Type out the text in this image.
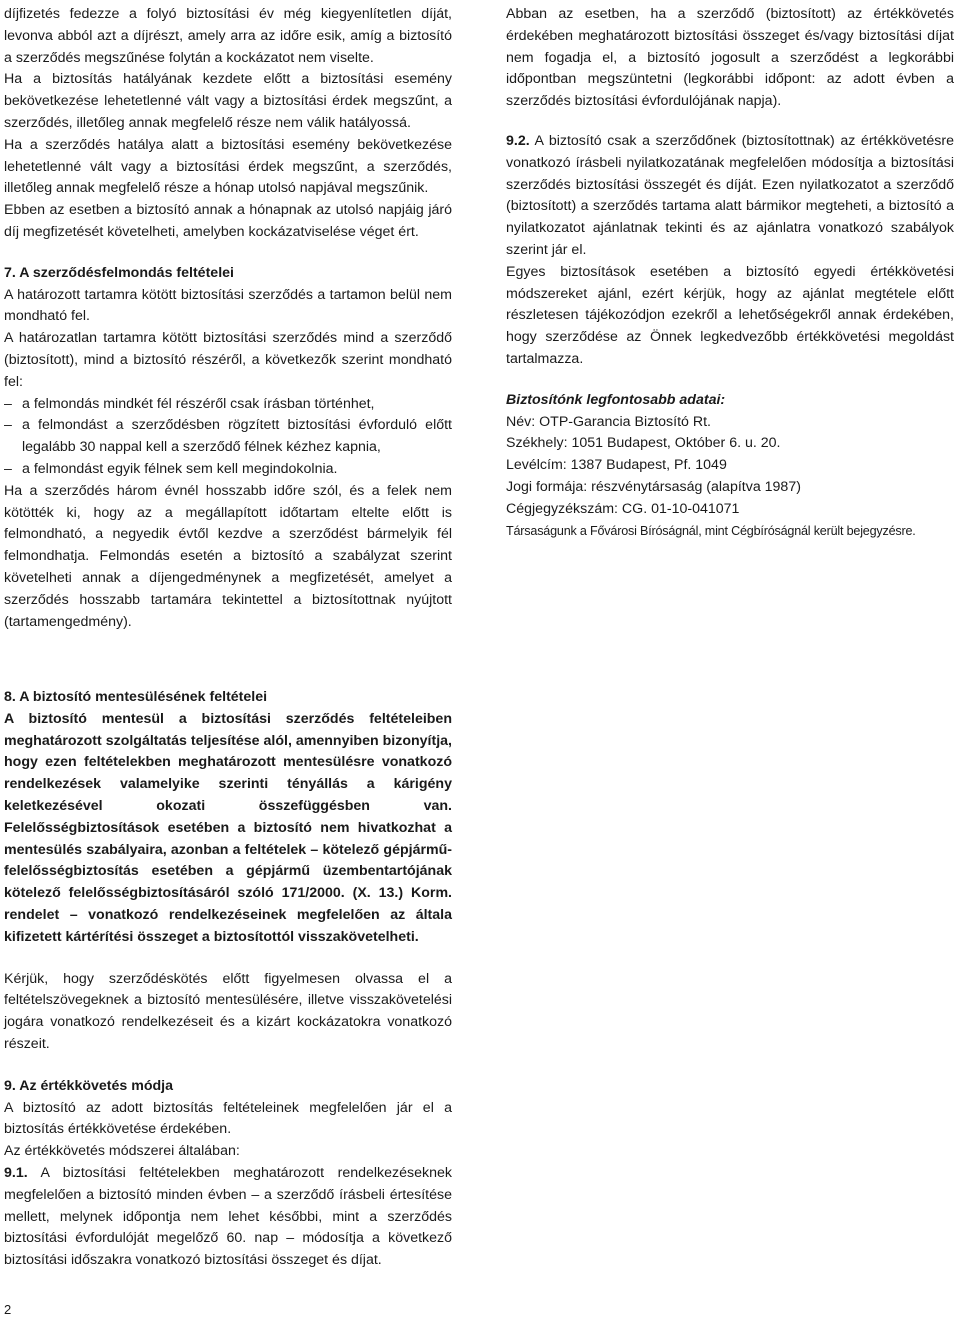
díjfizetés fedezze a folyó biztosítási év még kiegyenlítetlen díját, levonva abból azt a díjrészt, amely arra az időre esik, amíg a biztosító a szerződés megszűnése folytán a kockázatot nem viselte.

Ha a biztosítás hatályának kezdete előtt a biztosítási esemény bekövetkezése lehetetlenné vált vagy a biztosítási érdek megszűnt, a szerződés, illetőleg annak megfelelő része nem válik hatályossá.

Ha a szerződés hatálya alatt a biztosítási esemény bekövetkezése lehetetlenné vált vagy a biztosítási érdek megszűnt, a szerződés, illetőleg annak megfelelő része a hónap utolsó napjával megszűnik.

Ebben az esetben a biztosító annak a hónapnak az utolsó napjáig járó díj megfizetését követelheti, amelyben kockázatviselése véget ért.

7. A szerződésfelmondás feltételei

A határozott tartamra kötött biztosítási szerződés a tartamon belül nem mondható fel.

A határozatlan tartamra kötött biztosítási szerződés mind a szerződő (biztosított), mind a biztosító részéről, a következők szerint mondható fel:

– a felmondás mindkét fél részéről csak írásban történhet,

– a felmondást a szerződésben rögzített biztosítási évforduló előtt legalább 30 nappal kell a szerződő félnek kézhez kapnia,

– a felmondást egyik félnek sem kell megindokolnia.

Ha a szerződés három évnél hosszabb időre szól, és a felek nem kötötték ki, hogy az a megállapított időtartam eltelte előtt is felmondható, a negyedik évtől kezdve a szerződést bármelyik fél felmondhatja. Felmondás esetén a biztosító a szabályzat szerint követelheti annak a díjengedménynek a megfizetését, amelyet a szerződés hosszabb tartamára tekintettel a biztosítottnak nyújtott (tartamengedmény).

8. A biztosító mentesülésének feltételei

A biztosító mentesül a biztosítási szerződés feltételeiben meghatározott szolgáltatás teljesítése alól, amennyiben bizonyítja, hogy ezen feltételekben meghatározott mentesülésre vonatkozó rendelkezések valamelyike szerinti tényállás a kárigény keletkezésével okozati összefüggésben van. Felelősségbiztosítások esetében a biztosító nem hivatkozhat a mentesülés szabályaira, azonban a feltételek – kötelező gépjármű-felelősségbiztosítás esetében a gépjármű üzembentartójának kötelező felelősségbiztosításáról szóló 171/2000. (X. 13.) Korm. rendelet – vonatkozó rendelkezéseinek megfelelően az általa kifizetett kártérítési összeget a biztosítottól visszakövetelheti.

Kérjük, hogy szerződéskötés előtt figyelmesen olvassa el a feltételszövegeknek a biztosító mentesülésére, illetve visszakövetelési jogára vonatkozó rendelkezéseit és a kizárt kockázatokra vonatkozó részeit.

9. Az értékkövetés módja

A biztosító az adott biztosítás feltételeinek megfelelően jár el a biztosítás értékkövetése érdekében.

Az értékkövetés módszerei általában:

9.1. A biztosítási feltételekben meghatározott rendelkezéseknek megfelelően a biztosító minden évben – a szerződő írásbeli értesítése mellett, melynek időpontja nem lehet későbbi, mint a szerződés biztosítási évfordulóját megelőző 60. nap – módosítja a következő biztosítási időszakra vonatkozó biztosítási összeget és díjat.

Abban az esetben, ha a szerződő (biztosított) az értékkövetés érdekében meghatározott biztosítási összeget és/vagy biztosítási díjat nem fogadja el, a biztosító jogosult a szerződést a legkorábbi időpontban megszüntetni (legkorábbi időpont: az adott évben a szerződés biztosítási évfordulójának napja).

9.2. A biztosító csak a szerződőnek (biztosítottnak) az értékkövetésre vonatkozó írásbeli nyilatkozatának megfelelően módosítja a biztosítási szerződés biztosítási összegét és díját. Ezen nyilatkozatot a szerződő (biztosított) a szerződés tartama alatt bármikor megteheti, a biztosító a nyilatkozatot ajánlatnak tekinti és az ajánlatra vonatkozó szabályok szerint jár el.

Egyes biztosítások esetében a biztosító egyedi értékkövetési módszereket ajánl, ezért kérjük, hogy az ajánlat megtétele előtt részletesen tájékozódjon ezekről a lehetőségekről annak érdekében, hogy szerződése az Önnek legkedvezőbb értékkövetési megoldást tartalmazza.

Biztosítónk legfontosabb adatai:

Név: OTP-Garancia Biztosító Rt.

Székhely: 1051 Budapest, Október 6. u. 20.

Levélcím: 1387 Budapest, Pf. 1049

Jogi formája: részvénytársaság (alapítva 1987)

Cégjegyzékszám: CG. 01-10-041071

Társaságunk a Fővárosi Bíróságnál, mint Cégbíróságnál került bejegyzésre.

2
